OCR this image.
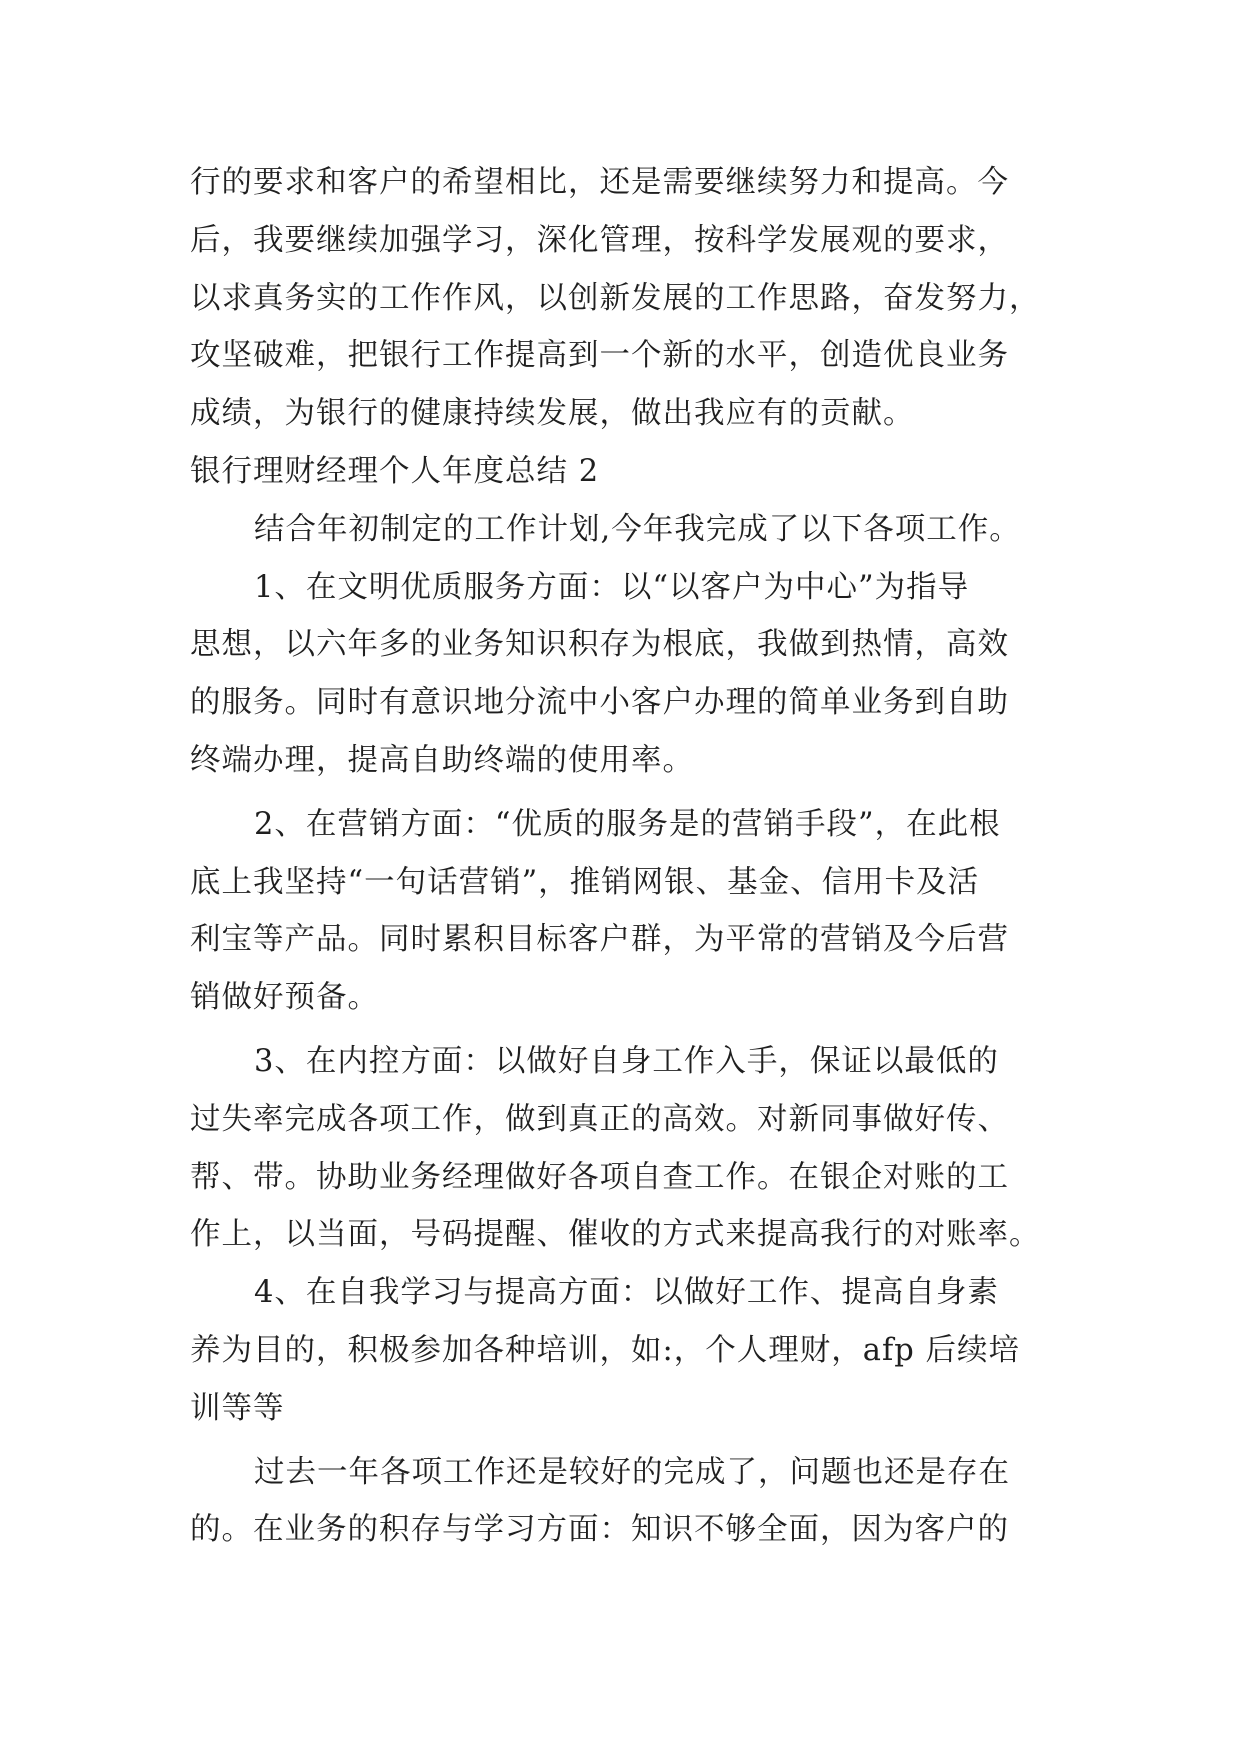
行的要求和客户的希望相比，还是需要继续努力和提高。今
后，我要继续加强学习，深化管理，按科学发展观的要求，
以求真务实的工作作风，以创新发展的工作思路，奋发努力，
攻坚破难，把银行工作提高到一个新的水平，创造优良业务
成绩，为银行的健康持续发展，做出我应有的贡献。
银行理财经理个人年度总结 2
结合年初制定的工作计划,今年我完成了以下各项工作。
1、在文明优质服务方面：以“以客户为中心”为指导
思想，以六年多的业务知识积存为根底，我做到热情，高效
的服务。同时有意识地分流中小客户办理的简单业务到自助
终端办理，提高自助终端的使用率。
2、在营销方面：“优质的服务是的营销手段”，在此根
底上我坚持“一句话营销”，推销网银、基金、信用卡及活
利宝等产品。同时累积目标客户群，为平常的营销及今后营
销做好预备。
3、在内控方面：以做好自身工作入手，保证以最低的
过失率完成各项工作，做到真正的高效。对新同事做好传、
帮、带。协助业务经理做好各项自查工作。在银企对账的工
作上，以当面，号码提醒、催收的方式来提高我行的对账率。
4、在自我学习与提高方面：以做好工作、提高自身素
养为目的，积极参加各种培训，如:，个人理财，afp 后续培
训等等
过去一年各项工作还是较好的完成了，问题也还是存在
的。在业务的积存与学习方面：知识不够全面，因为客户的
